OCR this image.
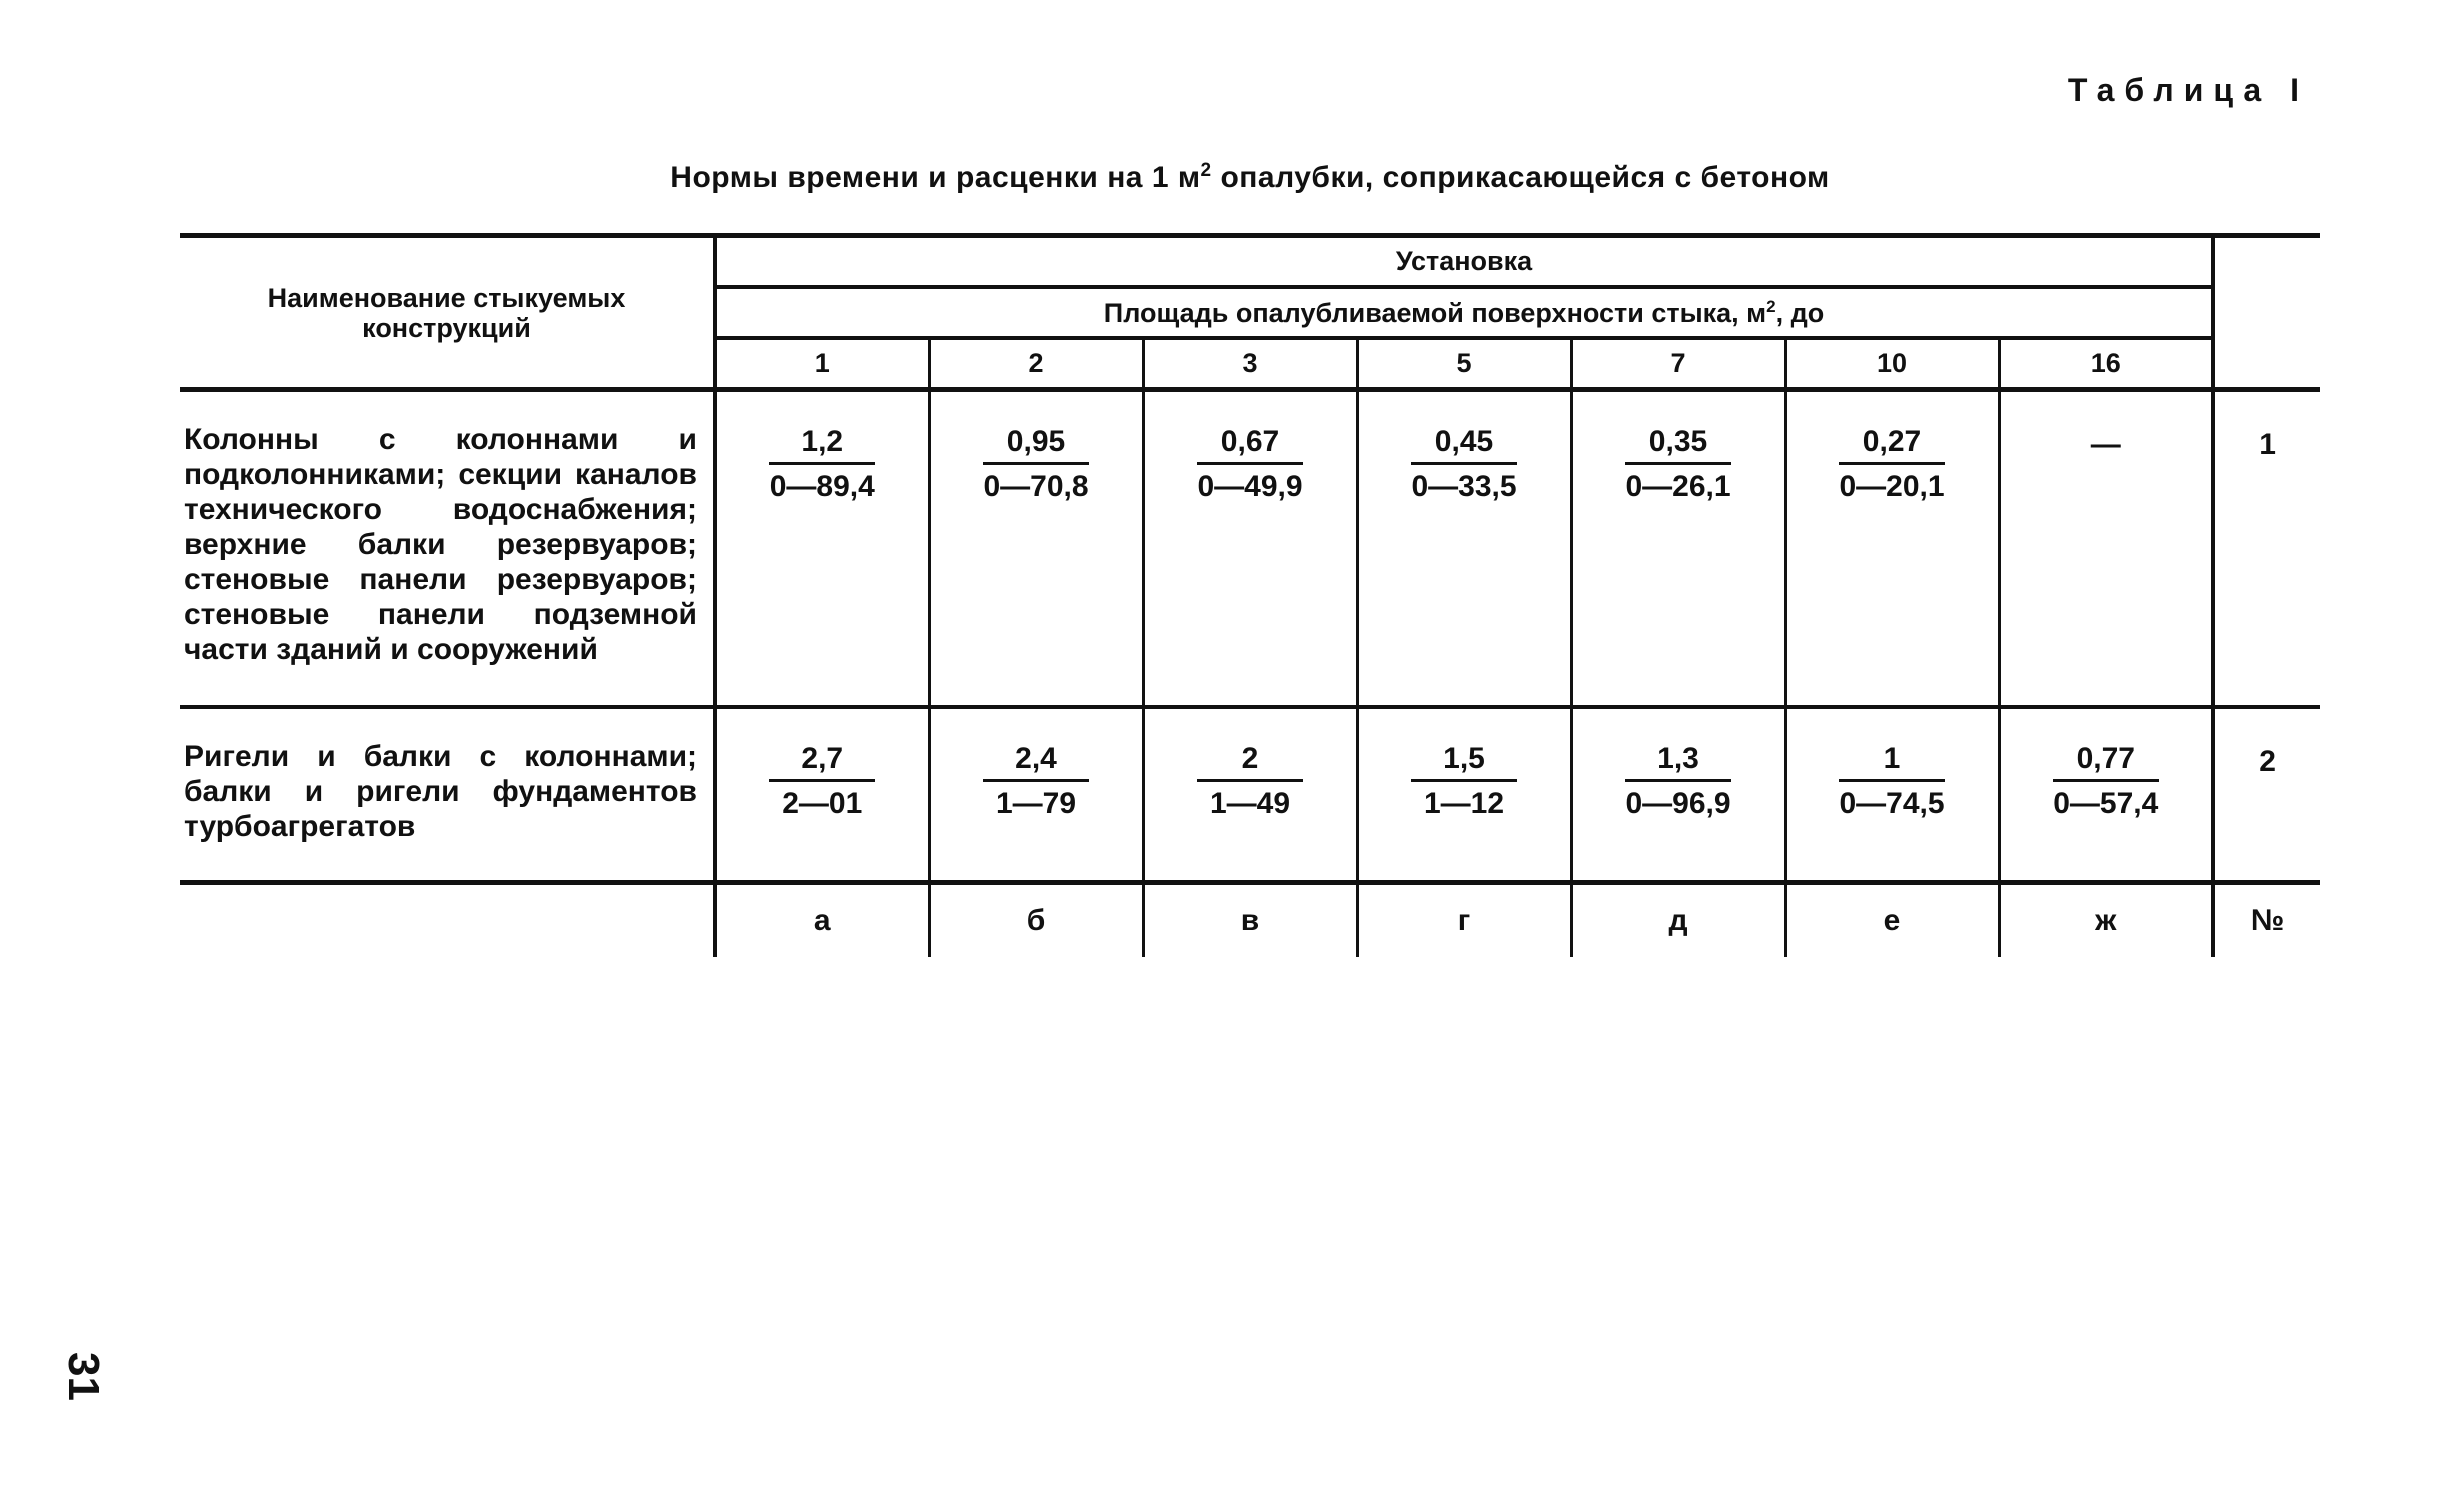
Таблица I
Нормы времени и расценки на 1 $м^2$ опалубки, соприкасающейся с бетоном
Наименование стыкуемых конструкций	Установка							
	Площадь опалубливаемой поверхности стыка, $м^2$, до							
	1	2	3	5	7	10	16	
Колонны с колоннами и подколонниками; секции каналов технического водоснабжения; верхние балки резервуаров; стеновые панели резервуаров; стеновые панели подземной части зданий и сооружений	$\frac{1,2}{0—89,4}$	$\frac{0,95}{0—70,8}$	$\frac{0,67}{0—49,9}$	$\frac{0,45}{0—33,5}$	$\frac{0,35}{0—26,1}$	$\frac{0,27}{0—20,1}$	—	1
Ригели и балки с колоннами; балки и ригели фундаментов турбоагрегатов	$\frac{2,7}{2—01}$	$\frac{2,4}{1—79}$	$\frac{2}{1—49}$	$\frac{1,5}{1—12}$	$\frac{1,3}{0—96,9}$	$\frac{1}{0—74,5}$	$\frac{0,77}{0—57,4}$	2
	а	б	в	г	д	е	ж	№
31
